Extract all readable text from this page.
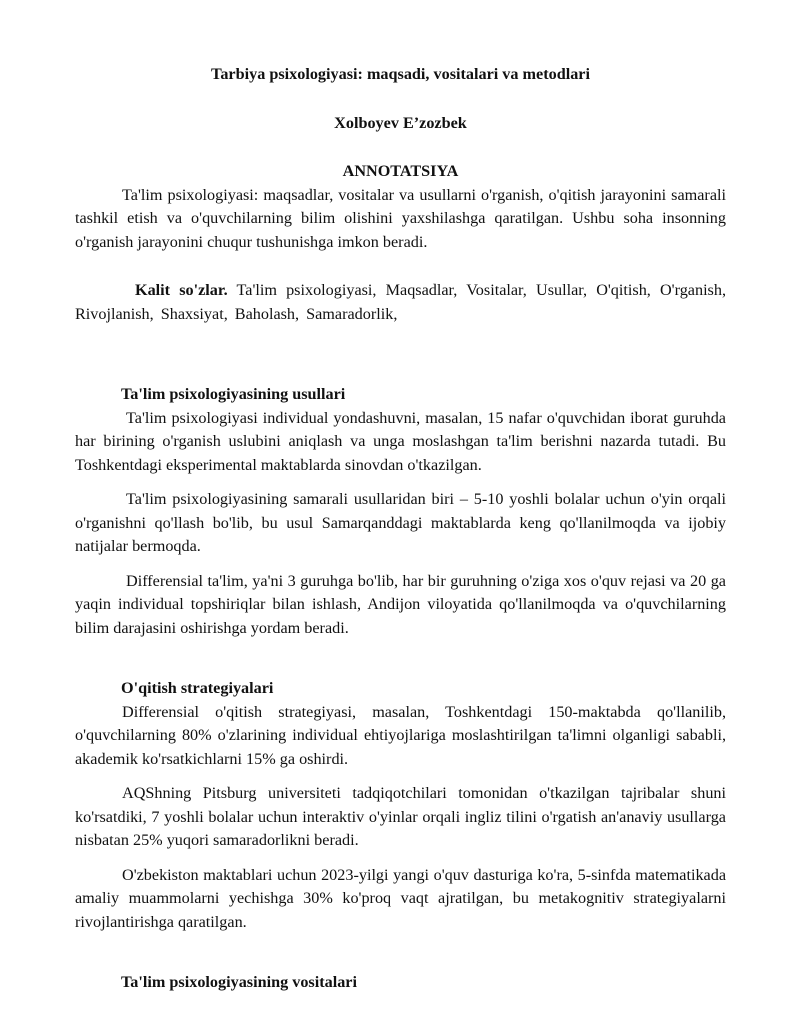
Tarbiya psixologiyasi: maqsadi, vositalari va metodlari
Xolboyev E’zozbek
ANNOTATSIYA

Ta'lim psixologiyasi: maqsadlar, vositalar va usullarni o'rganish, o'qitish jarayonini samarali tashkil etish va o'quvchilarning bilim olishini yaxshilashga qaratilgan. Ushbu soha insonning o'rganish jarayonini chuqur tushunishga imkon beradi.

Kalit so'zlar. Ta'lim psixologiyasi, Maqsadlar, Vositalar, Usullar, O'qitish, O'rganish, Rivojlanish, Shaxsiyat, Baholash, Samaradorlik,

Ta'lim psixologiyasining usullari

Ta'lim psixologiyasi individual yondashuvni, masalan, 15 nafar o'quvchidan iborat guruhda har birining o'rganish uslubini aniqlash va unga moslashgan ta'lim berishni nazarda tutadi. Bu Toshkentdagi eksperimental maktablarda sinovdan o'tkazilgan.

Ta'lim psixologiyasining samarali usullaridan biri – 5-10 yoshli bolalar uchun o'yin orqali o'rganishni qo'llash bo'lib, bu usul Samarqanddagi maktablarda keng qo'llanilmoqda va ijobiy natijalar bermoqda.

Differensial ta'lim, ya'ni 3 guruhga bo'lib, har bir guruhning o'ziga xos o'quv rejasi va 20 ga yaqin individual topshiriqlar bilan ishlash, Andijon viloyatida qo'llanilmoqda va o'quvchilarning bilim darajasini oshirishga yordam beradi.

O'qitish strategiyalari

Differensial o'qitish strategiyasi, masalan, Toshkentdagi 150-maktabda qo'llanilib, o'quvchilarning 80% o'zlarining individual ehtiyojlariga moslashtirilgan ta'limni olganligi sababli, akademik ko'rsatkichlarni 15% ga oshirdi.

AQShning Pitsburg universiteti tadqiqotchilari tomonidan o'tkazilgan tajribalar shuni ko'rsatdiki, 7 yoshli bolalar uchun interaktiv o'yinlar orqali ingliz tilini o'rgatish an'anaviy usullarga nisbatan 25% yuqori samaradorlikni beradi.

O'zbekiston maktablari uchun 2023-yilgi yangi o'quv dasturiga ko'ra, 5-sinfda matematikada amaliy muammolarni yechishga 30% ko'proq vaqt ajratilgan, bu metakognitiv strategiyalarni rivojlantirishga qaratilgan.

Ta'lim psixologiyasining vositalari
